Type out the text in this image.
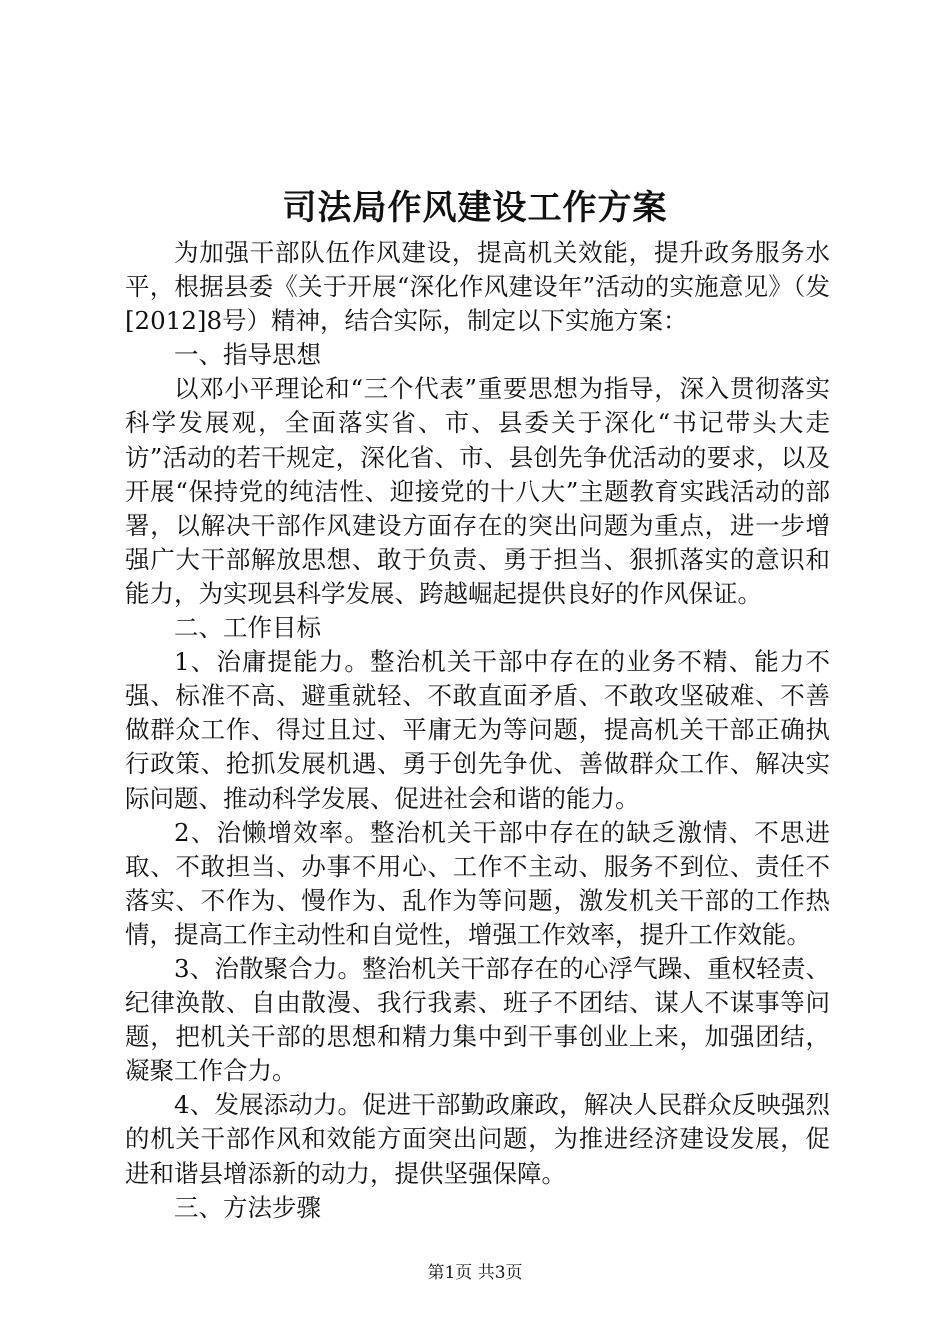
司法局作风建设工作方案

为加强干部队伍作风建设，提高机关效能，提升政务服务水平，根据县委《关于开展“深化作风建设年”活动的实施意见》（发[2012]8号）精神，结合实际，制定以下实施方案：

一、指导思想

以邓小平理论和“三个代表”重要思想为指导，深入贯彻落实科学发展观，全面落实省、市、县委关于深化“书记带头大走访”活动的若干规定，深化省、市、县创先争优活动的要求，以及开展“保持党的纯洁性、迎接党的十八大”主题教育实践活动的部署，以解决干部作风建设方面存在的突出问题为重点，进一步增强广大干部解放思想、敢于负责、勇于担当、狠抓落实的意识和能力，为实现县科学发展、跨越崛起提供良好的作风保证。

二、工作目标

1、治庸提能力。整治机关干部中存在的业务不精、能力不强、标准不高、避重就轻、不敢直面矛盾、不敢攻坚破难、不善做群众工作、得过且过、平庸无为等问题，提高机关干部正确执行政策、抢抓发展机遇、勇于创先争优、善做群众工作、解决实际问题、推动科学发展、促进社会和谐的能力。

2、治懒增效率。整治机关干部中存在的缺乏激情、不思进取、不敢担当、办事不用心、工作不主动、服务不到位、责任不落实、不作为、慢作为、乱作为等问题，激发机关干部的工作热情，提高工作主动性和自觉性，增强工作效率，提升工作效能。

3、治散聚合力。整治机关干部存在的心浮气躁、重权轻责、纪律涣散、自由散漫、我行我素、班子不团结、谋人不谋事等问题，把机关干部的思想和精力集中到干事创业上来，加强团结，凝聚工作合力。

4、发展添动力。促进干部勤政廉政，解决人民群众反映强烈的机关干部作风和效能方面突出问题，为推进经济建设发展，促进和谐县增添新的动力，提供坚强保障。

三、方法步骤

第1页 共3页
